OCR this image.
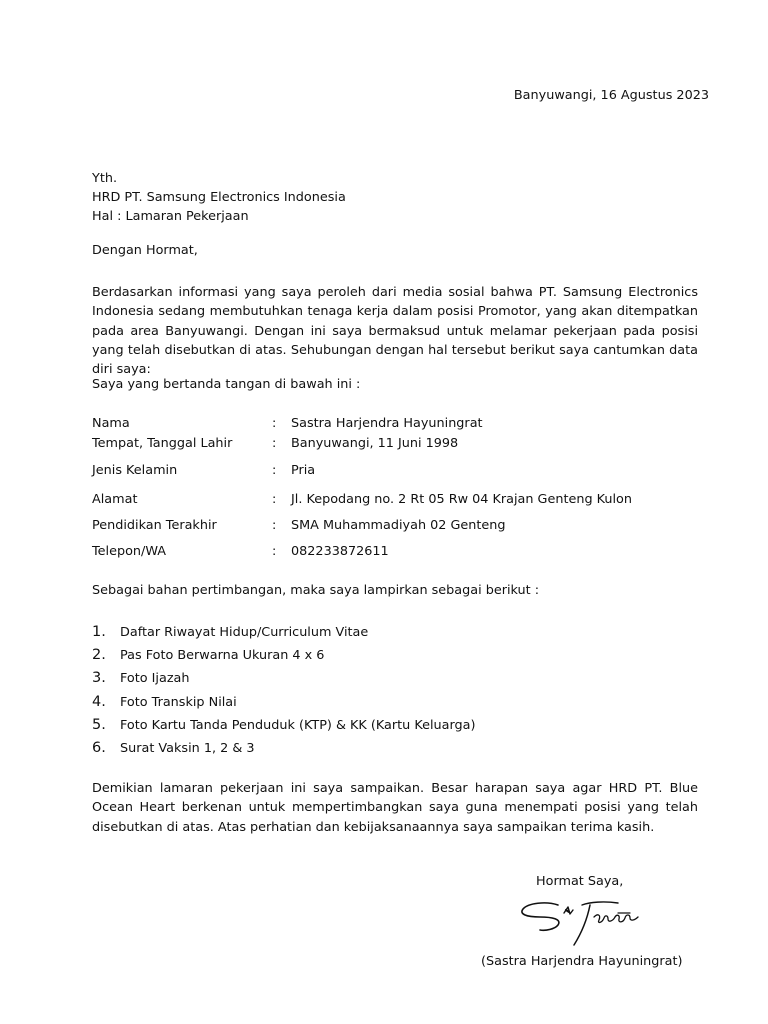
Banyuwangi, 16 Agustus 2023

Yth.
HRD PT. Samsung Electronics Indonesia
Hal : Lamaran Pekerjaan

Dengan Hormat,

Berdasarkan informasi yang saya peroleh dari media sosial bahwa PT. Samsung Electronics Indonesia sedang membutuhkan tenaga kerja dalam posisi Promotor, yang akan ditempatkan pada area Banyuwangi. Dengan ini saya bermaksud untuk melamar pekerjaan pada posisi yang telah disebutkan di atas. Sehubungan dengan hal tersebut berikut saya cantumkan data diri saya:

Saya yang bertanda tangan di bawah ini :

Nama	: Sastra Harjendra Hayuningrat
Tempat, Tanggal Lahir	: Banyuwangi, 11 Juni 1998
Jenis Kelamin	: Pria
Alamat	: Jl. Kepodang no. 2 Rt 05 Rw 04 Krajan Genteng Kulon
Pendidikan Terakhir	: SMA Muhammadiyah 02 Genteng
Telepon/WA	: 082233872611

Sebagai bahan pertimbangan, maka saya lampirkan sebagai berikut :

1. Daftar Riwayat Hidup/Curriculum Vitae
2. Pas Foto Berwarna Ukuran 4 x 6
3. Foto Ijazah
4. Foto Transkip Nilai
5. Foto Kartu Tanda Penduduk (KTP) & KK (Kartu Keluarga)
6. Surat Vaksin 1, 2 & 3

Demikian lamaran pekerjaan ini saya sampaikan. Besar harapan saya agar HRD PT. Blue Ocean Heart berkenan untuk mempertimbangkan saya guna menempati posisi yang telah disebutkan di atas. Atas perhatian dan kebijaksanaannya saya sampaikan terima kasih.

Hormat Saya,

(Sastra Harjendra Hayuningrat)
